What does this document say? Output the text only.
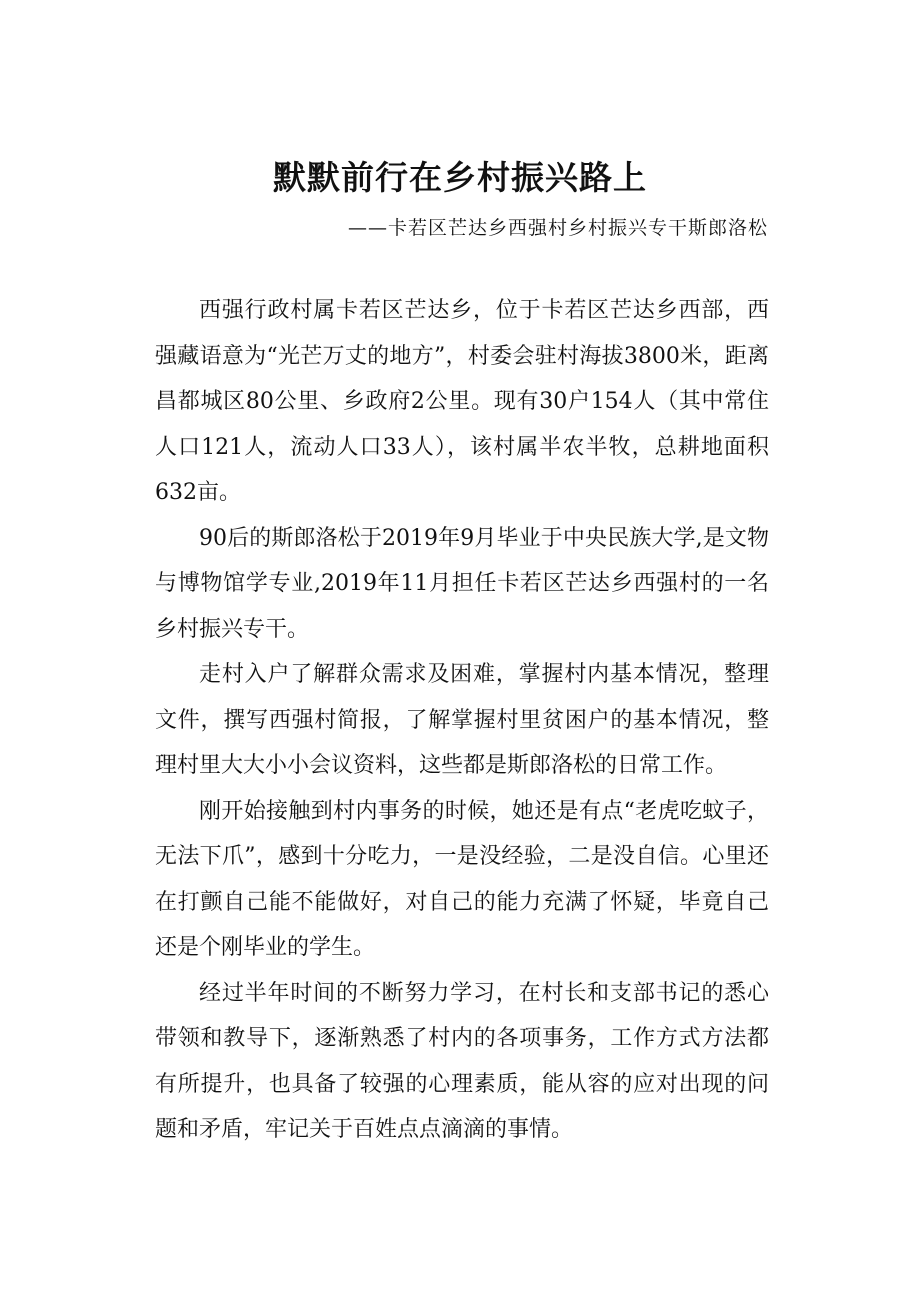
默默前行在乡村振兴路上

——卡若区芒达乡西强村乡村振兴专干斯郎洛松

西强行政村属卡若区芒达乡，位于卡若区芒达乡西部，西强藏语意为“光芒万丈的地方”，村委会驻村海拔3800米，距离昌都城区80公里、乡政府2公里。现有30户154人（其中常住人口121人，流动人口33人），该村属半农半牧，总耕地面积632亩。

90后的斯郎洛松于2019年9月毕业于中央民族大学,是文物与博物馆学专业,2019年11月担任卡若区芒达乡西强村的一名乡村振兴专干。

走村入户了解群众需求及困难，掌握村内基本情况，整理文件，撰写西强村简报，了解掌握村里贫困户的基本情况，整理村里大大小小会议资料，这些都是斯郎洛松的日常工作。

刚开始接触到村内事务的时候，她还是有点“老虎吃蚊子，无法下爪”，感到十分吃力，一是没经验，二是没自信。心里还在打颤自己能不能做好，对自己的能力充满了怀疑，毕竟自己还是个刚毕业的学生。

经过半年时间的不断努力学习，在村长和支部书记的悉心带领和教导下，逐渐熟悉了村内的各项事务，工作方式方法都有所提升，也具备了较强的心理素质，能从容的应对出现的问题和矛盾，牢记关于百姓点点滴滴的事情。
